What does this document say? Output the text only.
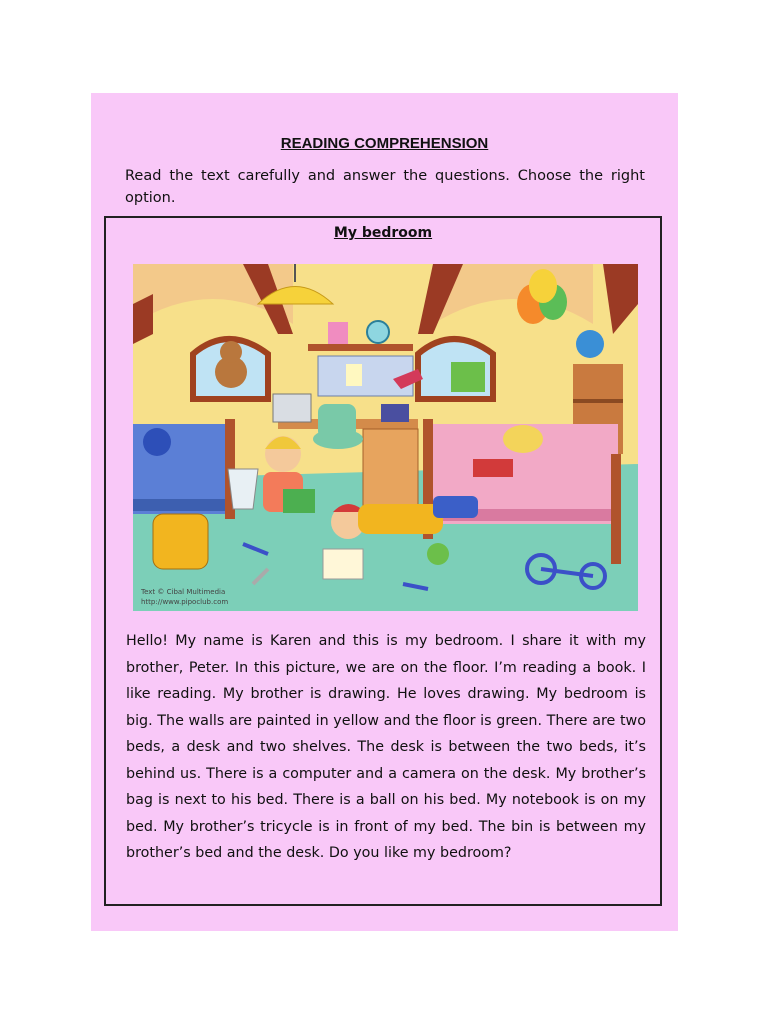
READING COMPREHENSION
Read the text carefully and answer the questions. Choose the right option.
My bedroom
Text © Cibal Multimedia
http://www.pipoclub.com

Hello! My name is Karen and this is my bedroom. I share it with my brother, Peter. In this picture, we are on the floor. I’m reading a book. I like reading. My brother is drawing. He loves drawing. My bedroom is big. The walls are painted in yellow and the floor is green. There are two beds, a desk and two shelves. The desk is between the two beds, it’s behind us. There is a computer and a camera on the desk. My brother’s bag is next to his bed. There is a ball on his bed. My notebook is on my bed. My brother’s tricycle is in front of my bed. The bin is between my brother’s bed and the desk. Do you like my bedroom?
